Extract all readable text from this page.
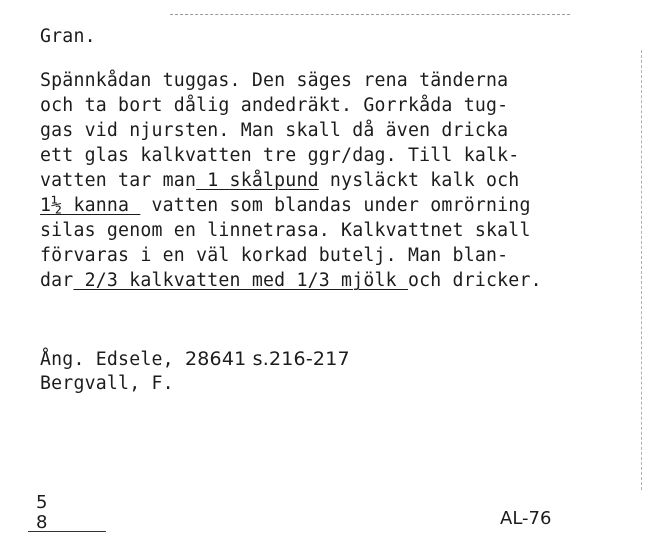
Gran.
Spännkådan tuggas. Den säges rena tänderna
och ta bort dålig andedräkt. Gorrkåda tug-
gas vid njursten. Man skall då även dricka
ett glas kalkvatten tre ggr/dag. Till kalk-
vatten tar man 1 skålpund nysläckt kalk och
1½ kanna  vatten som blandas under omrörning
silas genom en linnetrasa. Kalkvattnet skall
förvaras i en väl korkad butelj. Man blan-
dar 2/3 kalkvatten med 1/3 mjölk och dricker.
Ång. Edsele, 28641 s.216-217
Bergvall, F.
5
8	AL-76
